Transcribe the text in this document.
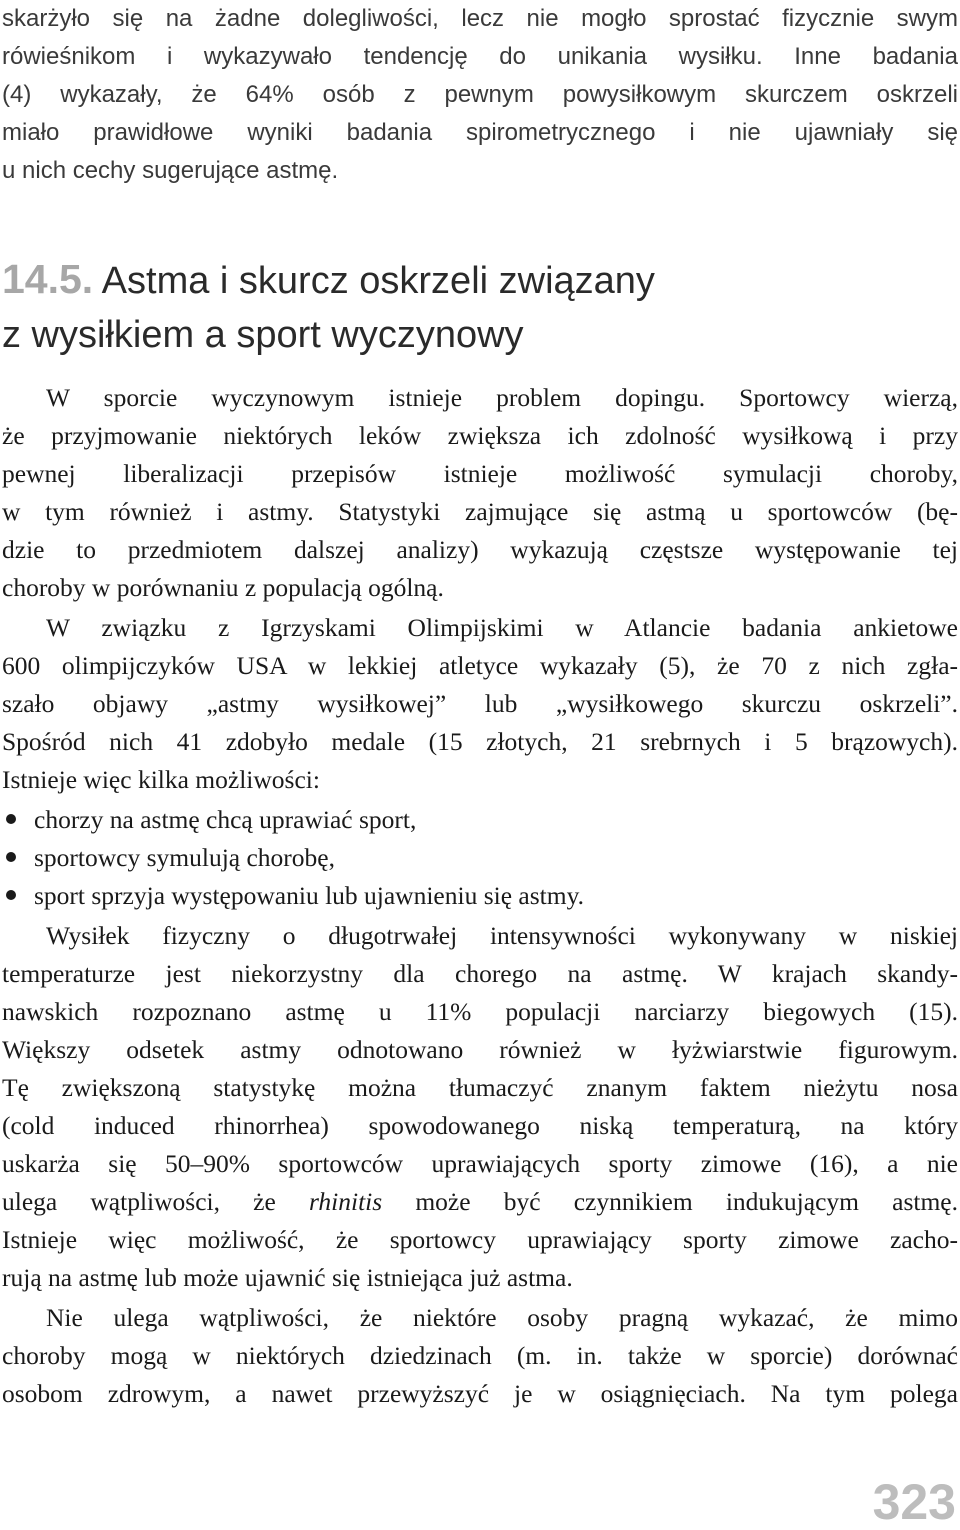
skarżyło się na żadne dolegliwości, lecz nie mogło sprostać fizycznie swym
rówieśnikom i wykazywało tendencję do unikania wysiłku. Inne badania
(4) wykazały, że 64% osób z pewnym powysiłkowym skurczem oskrzeli
miało prawidłowe wyniki badania spirometrycznego i nie ujawniały się
u nich cechy sugerujące astmę.
14.5. Astma i skurcz oskrzeli związany
z wysiłkiem a sport wyczynowy
W sporcie wyczynowym istnieje problem dopingu. Sportowcy wierzą,
że przyjmowanie niektórych leków zwiększa ich zdolność wysiłkową i przy
pewnej liberalizacji przepisów istnieje możliwość symulacji choroby,
w tym również i astmy. Statystyki zajmujące się astmą u sportowców (bę-
dzie to przedmiotem dalszej analizy) wykazują częstsze występowanie tej
choroby w porównaniu z populacją ogólną.
W związku z Igrzyskami Olimpijskimi w Atlancie badania ankietowe
600 olimpijczyków USA w lekkiej atletyce wykazały (5), że 70 z nich zgła-
szało objawy „astmy wysiłkowej” lub „wysiłkowego skurczu oskrzeli”.
Spośród nich 41 zdobyło medale (15 złotych, 21 srebrnych i 5 brązowych).
Istnieje więc kilka możliwości:
chorzy na astmę chcą uprawiać sport,
sportowcy symulują chorobę,
sport sprzyja występowaniu lub ujawnieniu się astmy.
Wysiłek fizyczny o długotrwałej intensywności wykonywany w niskiej
temperaturze jest niekorzystny dla chorego na astmę. W krajach skandy-
nawskich rozpoznano astmę u 11% populacji narciarzy biegowych (15).
Większy odsetek astmy odnotowano również w łyżwiarstwie figurowym.
Tę zwiększoną statystykę można tłumaczyć znanym faktem nieżytu nosa
(cold induced rhinorrhea) spowodowanego niską temperaturą, na który
uskarża się 50–90% sportowców uprawiających sporty zimowe (16), a nie
ulega wątpliwości, że rhinitis może być czynnikiem indukującym astmę.
Istnieje więc możliwość, że sportowcy uprawiający sporty zimowe zacho-
rują na astmę lub może ujawnić się istniejąca już astma.
Nie ulega wątpliwości, że niektóre osoby pragną wykazać, że mimo
choroby mogą w niektórych dziedzinach (m. in. także w sporcie) dorównać
osobom zdrowym, a nawet przewyższyć je w osiągnięciach. Na tym polega
323
